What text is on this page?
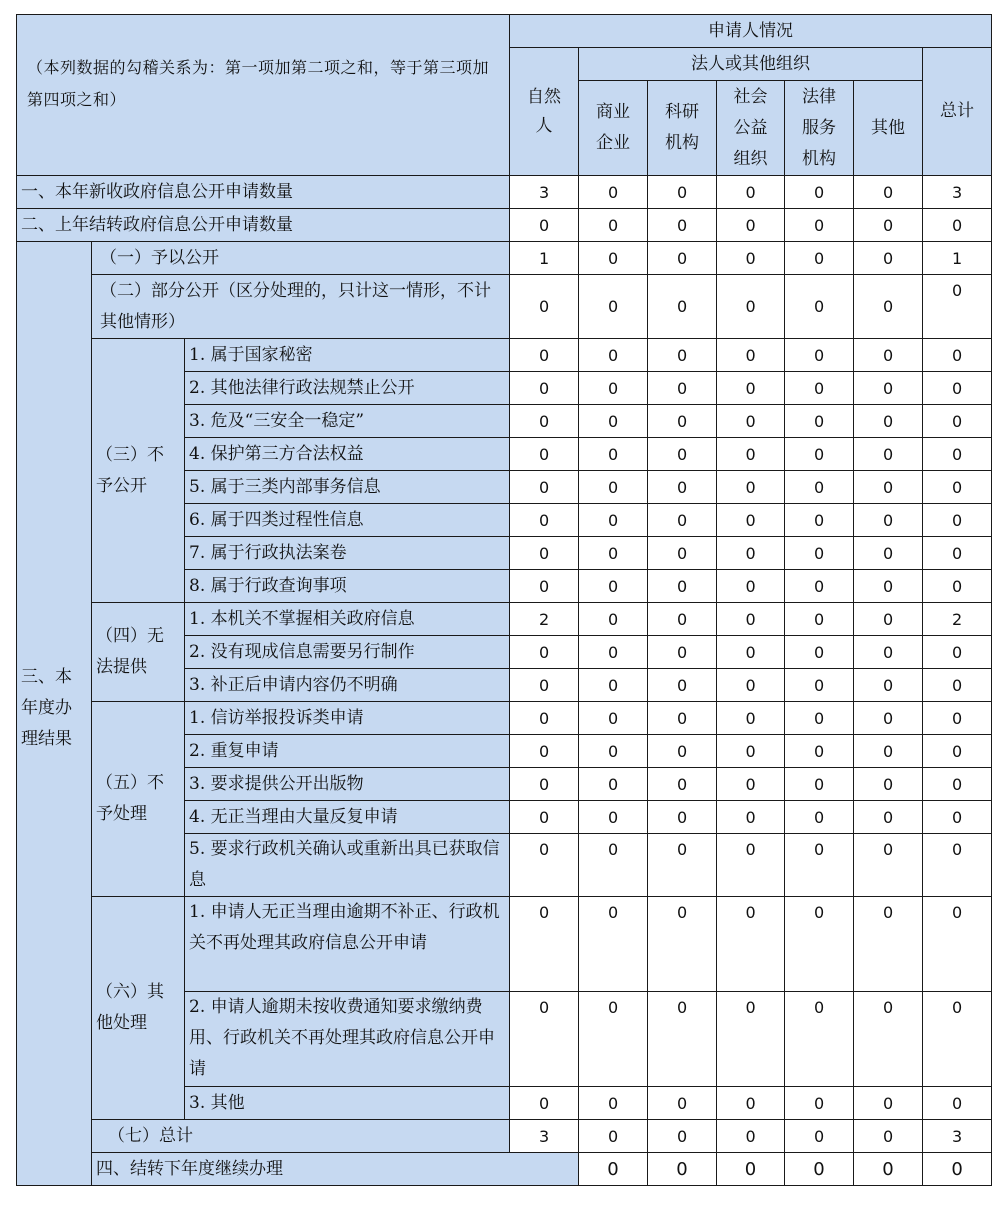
（本列数据的勾稽关系为：第一项加第二项之和，等于第三项加第四项之和）			申请人情况							

			自然人	法人或其他组织					总计	

				商业企业	科研机构	社会公益组织	法律服务机构	其他		

一、本年新收政府信息公开申请数量			3	0	0	0	0	0	3	
二、上年结转政府信息公开申请数量			0	0	0	0	0	0	0	
三、本年度办理结果	（一）予以公开		1	0	0	0	0	0	1	
	（二）部分公开（区分处理的，只计这一情形，不计其他情形）		0	0	0	0	0	0	0	
	（三）不予公开	1. 属于国家秘密	0	0	0	0	0	0	0	
		2. 其他法律行政法规禁止公开	0	0	0	0	0	0	0	
		3. 危及“三安全一稳定”	0	0	0	0	0	0	0	
		4. 保护第三方合法权益	0	0	0	0	0	0	0	
		5. 属于三类内部事务信息	0	0	0	0	0	0	0	
		6. 属于四类过程性信息	0	0	0	0	0	0	0	
		7. 属于行政执法案卷	0	0	0	0	0	0	0	
		8. 属于行政查询事项	0	0	0	0	0	0	0	
	（四）无法提供	1. 本机关不掌握相关政府信息	2	0	0	0	0	0	2	
		2. 没有现成信息需要另行制作	0	0	0	0	0	0	0	
		3. 补正后申请内容仍不明确	0	0	0	0	0	0	0	
	（五）不予处理	1. 信访举报投诉类申请	0	0	0	0	0	0	0	
		2. 重复申请	0	0	0	0	0	0	0	
		3. 要求提供公开出版物	0	0	0	0	0	0	0	
		4. 无正当理由大量反复申请	0	0	0	0	0	0	0	
		5. 要求行政机关确认或重新出具已获取信息	0	0	0	0	0	0	0	
	（六）其他处理	1. 申请人无正当理由逾期不补正、行政机关不再处理其政府信息公开申请	0	0	0	0	0	0	0	
		2. 申请人逾期未按收费通知要求缴纳费用、行政机关不再处理其政府信息公开申请	0	0	0	0	0	0	0	
		3. 其他	0	0	0	0	0	0	0	
	（七）总计		3	0	0	0	0	0	3	
	四、结转下年度继续办理			0	0	0	0	0	0	
